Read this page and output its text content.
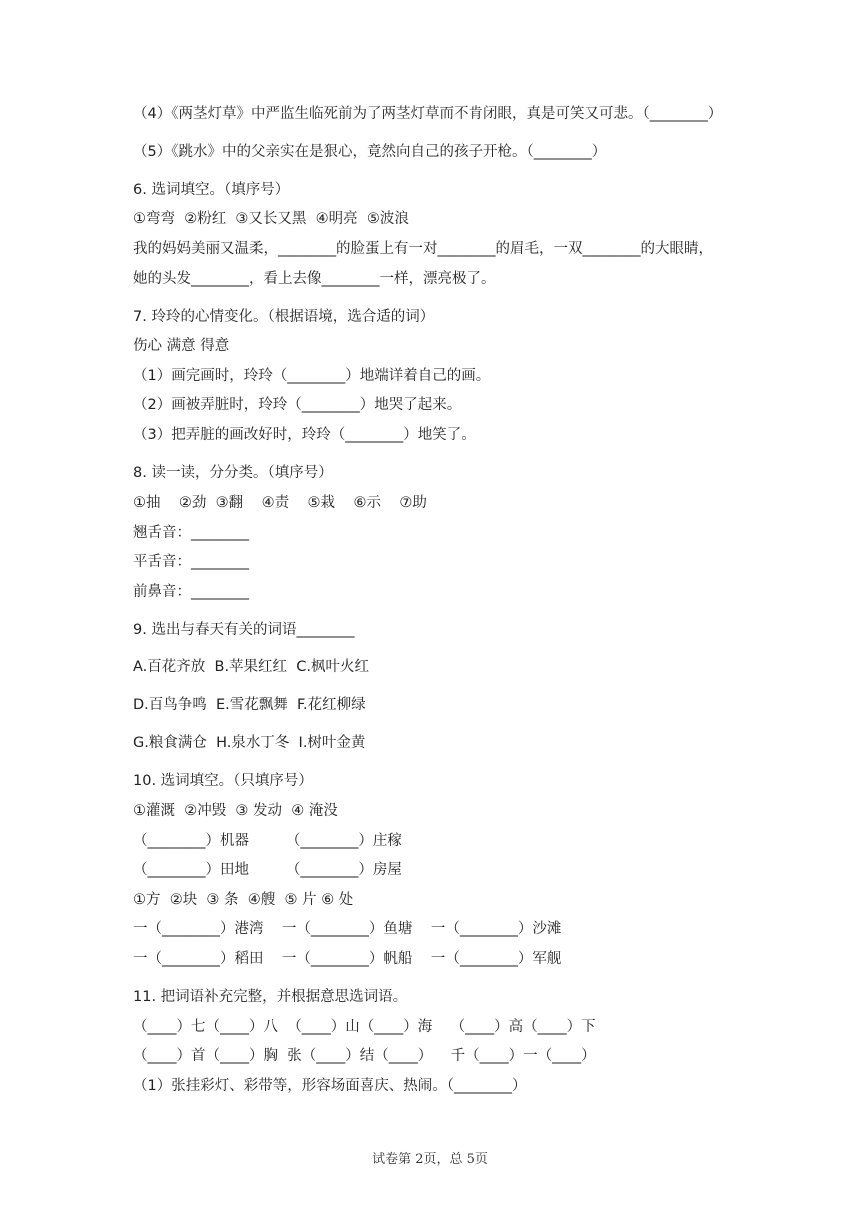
（4）《两茎灯草》中严监生临死前为了两茎灯草而不肯闭眼，真是可笑又可悲。（________）
（5）《跳水》中的父亲实在是狠心，竟然向自己的孩子开枪。（________）
6. 选词填空。（填序号）
①弯弯  ②粉红  ③又长又黑  ④明亮  ⑤波浪
我的妈妈美丽又温柔，________的脸蛋上有一对________的眉毛，一双________的大眼睛，
她的头发________，看上去像________一样，漂亮极了。
7. 玲玲的心情变化。（根据语境，选合适的词）
伤心 满意 得意
（1）画完画时，玲玲（________）地端详着自己的画。
（2）画被弄脏时，玲玲（________）地哭了起来。
（3）把弄脏的画改好时，玲玲（________）地笑了。
8. 读一读，分分类。（填序号）
①抽    ②劲  ③翻    ④责    ⑤栽    ⑥示    ⑦助
翘舌音：________
平舌音：________
前鼻音：________
9. 选出与春天有关的词语________
A.百花齐放  B.苹果红红  C.枫叶火红
D.百鸟争鸣  E.雪花飘舞  F.花红柳绿
G.粮食满仓  H.泉水丁冬  I.树叶金黄
10. 选词填空。（只填序号）
①灌溉  ②冲毁  ③ 发动  ④ 淹没
（________）机器        （________）庄稼
（________）田地        （________）房屋
①方  ②块  ③ 条  ④艘  ⑤ 片 ⑥ 处
一（________）港湾    一（________）鱼塘    一（________）沙滩
一（________）稻田    一（________）帆船    一（________）军舰
11. 把词语补充完整，并根据意思选词语。
（____）七（____）八  （____）山（____）海    （____）高（____）下
（____）首（____）胸  张（____）结（____）    千（____）一（____）
（1）张挂彩灯、彩带等，形容场面喜庆、热闹。（________）
试卷第 2页，总 5页
